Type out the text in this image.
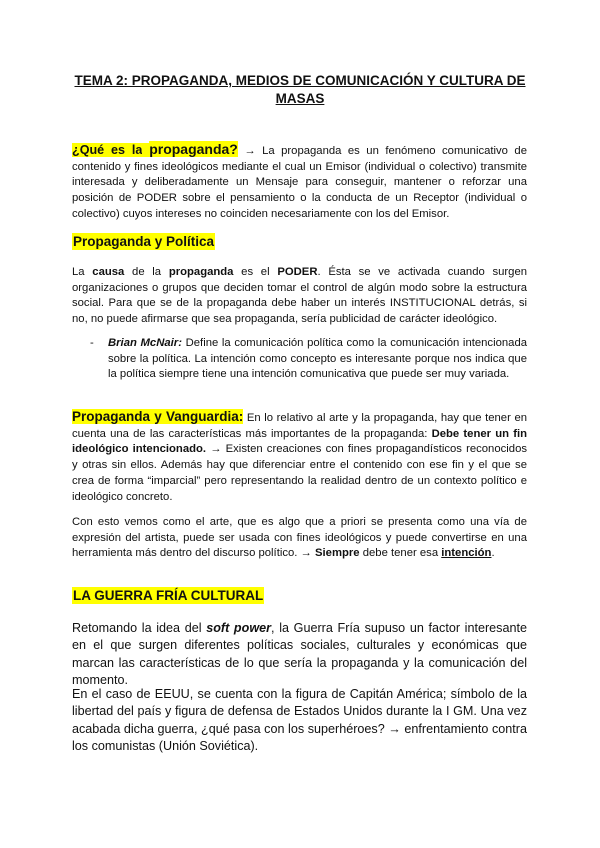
TEMA 2: PROPAGANDA, MEDIOS DE COMUNICACIÓN Y CULTURA DE MASAS
¿Qué es la propaganda? → La propaganda es un fenómeno comunicativo de contenido y fines ideológicos mediante el cual un Emisor (individual o colectivo) transmite interesada y deliberadamente un Mensaje para conseguir, mantener o reforzar una posición de PODER sobre el pensamiento o la conducta de un Receptor (individual o colectivo) cuyos intereses no coinciden necesariamente con los del Emisor.
Propaganda y Política
La causa de la propaganda es el PODER. Ésta se ve activada cuando surgen organizaciones o grupos que deciden tomar el control de algún modo sobre la estructura social. Para que se de la propaganda debe haber un interés INSTITUCIONAL detrás, si no, no puede afirmarse que sea propaganda, sería publicidad de carácter ideológico.
-	Brian McNair: Define la comunicación política como la comunicación intencionada sobre la política. La intención como concepto es interesante porque nos indica que la política siempre tiene una intención comunicativa que puede ser muy variada.
Propaganda y Vanguardia: En lo relativo al arte y la propaganda, hay que tener en cuenta una de las características más importantes de la propaganda: Debe tener un fin ideológico intencionado. → Existen creaciones con fines propagandísticos reconocidos y otras sin ellos. Además hay que diferenciar entre el contenido con ese fin y el que se crea de forma “imparcial” pero representando la realidad dentro de un contexto político e ideológico concreto.
Con esto vemos como el arte, que es algo que a priori se presenta como una vía de expresión del artista, puede ser usada con fines ideológicos y puede convertirse en una herramienta más dentro del discurso político. → Siempre debe tener esa intención.
LA GUERRA FRÍA CULTURAL
Retomando la idea del soft power, la Guerra Fría supuso un factor interesante en el que surgen diferentes políticas sociales, culturales y económicas que marcan las características de lo que sería la propaganda y la comunicación del momento.
En el caso de EEUU, se cuenta con la figura de Capitán América; símbolo de la libertad del país y figura de defensa de Estados Unidos durante la I GM. Una vez acabada dicha guerra, ¿qué pasa con los superhéroes? → enfrentamiento contra los comunistas (Unión Soviética).
